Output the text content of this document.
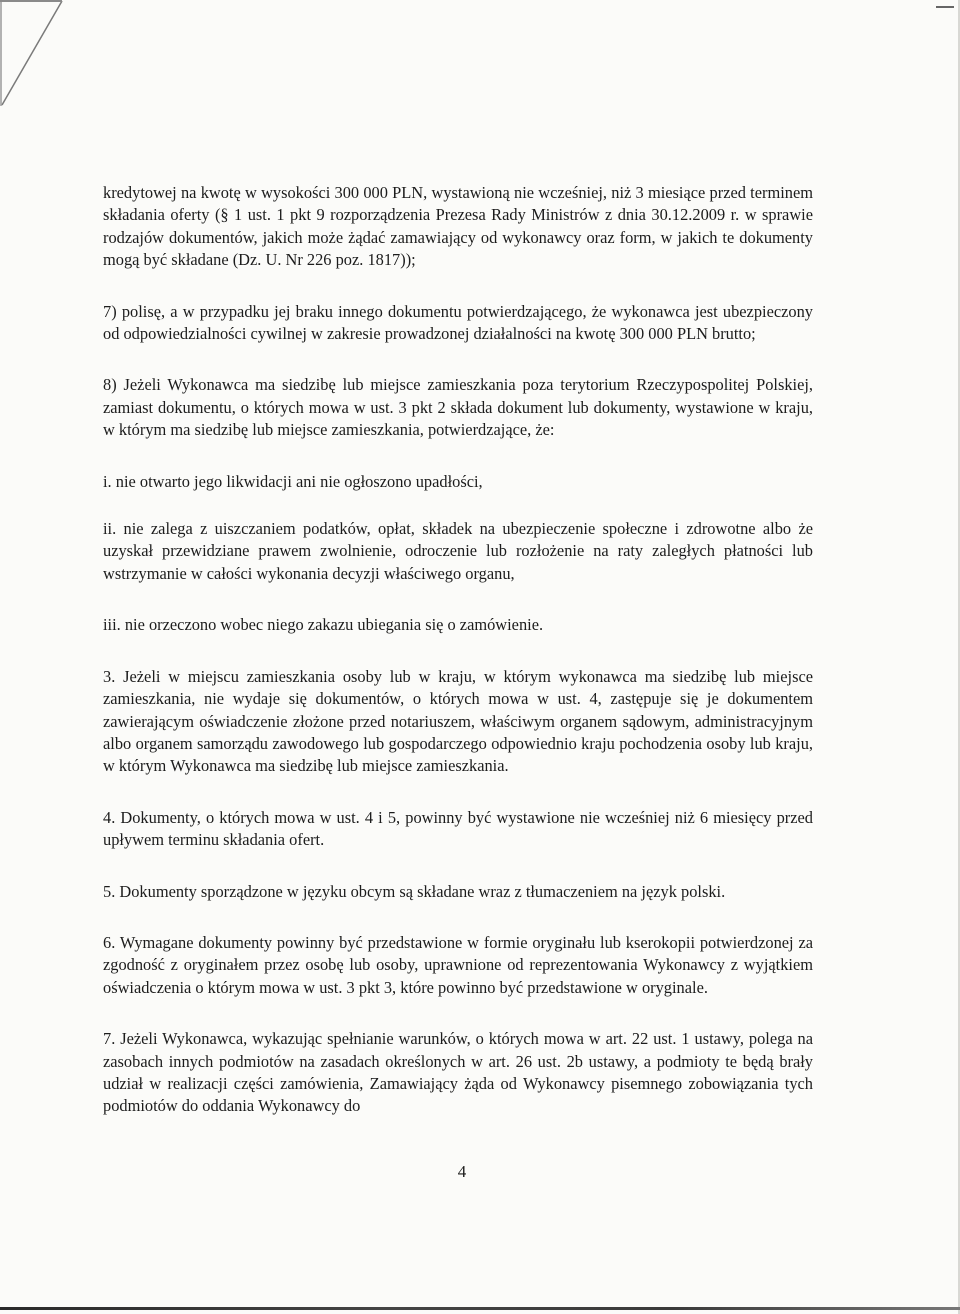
kredytowej na kwotę w wysokości 300 000 PLN, wystawioną nie wcześniej, niż 3 miesiące przed terminem składania oferty (§ 1 ust. 1 pkt 9 rozporządzenia Prezesa Rady Ministrów z dnia 30.12.2009 r. w sprawie rodzajów dokumentów, jakich może żądać zamawiający od wykonawcy oraz form, w jakich te dokumenty mogą być składane (Dz. U. Nr 226 poz. 1817));

7) polisę, a w przypadku jej braku innego dokumentu potwierdzającego, że wykonawca jest ubezpieczony od odpowiedzialności cywilnej w zakresie prowadzonej działalności na kwotę 300 000 PLN brutto;

8) Jeżeli Wykonawca ma siedzibę lub miejsce zamieszkania poza terytorium Rzeczypospolitej Polskiej, zamiast dokumentu, o których mowa w ust. 3 pkt 2 składa dokument lub dokumenty, wystawione w kraju, w którym ma siedzibę lub miejsce zamieszkania, potwierdzające, że:

i. nie otwarto jego likwidacji ani nie ogłoszono upadłości,

ii. nie zalega z uiszczaniem podatków, opłat, składek na ubezpieczenie społeczne i zdrowotne albo że uzyskał przewidziane prawem zwolnienie, odroczenie lub rozłożenie na raty zaległych płatności lub wstrzymanie w całości wykonania decyzji właściwego organu,

iii. nie orzeczono wobec niego zakazu ubiegania się o zamówienie.

3. Jeżeli w miejscu zamieszkania osoby lub w kraju, w którym wykonawca ma siedzibę lub miejsce zamieszkania, nie wydaje się dokumentów, o których mowa w ust. 4, zastępuje się je dokumentem zawierającym oświadczenie złożone przed notariuszem, właściwym organem sądowym, administracyjnym albo organem samorządu zawodowego lub gospodarczego odpowiednio kraju pochodzenia osoby lub kraju, w którym Wykonawca ma siedzibę lub miejsce zamieszkania.

4. Dokumenty, o których mowa w ust. 4 i 5, powinny być wystawione nie wcześniej niż 6 miesięcy przed upływem terminu składania ofert.

5. Dokumenty sporządzone w języku obcym są składane wraz z tłumaczeniem na język polski.

6. Wymagane dokumenty powinny być przedstawione w formie oryginału lub kserokopii potwierdzonej za zgodność z oryginałem przez osobę lub osoby, uprawnione od reprezentowania Wykonawcy z wyjątkiem oświadczenia o którym mowa w ust. 3 pkt 3, które powinno być przedstawione w oryginale.

7. Jeżeli Wykonawca, wykazując spełnianie warunków, o których mowa w art. 22 ust. 1 ustawy, polega na zasobach innych podmiotów na zasadach określonych w art. 26 ust. 2b ustawy, a podmioty te będą brały udział w realizacji części zamówienia, Zamawiający żąda od Wykonawcy pisemnego zobowiązania tych podmiotów do oddania Wykonawcy do

4
